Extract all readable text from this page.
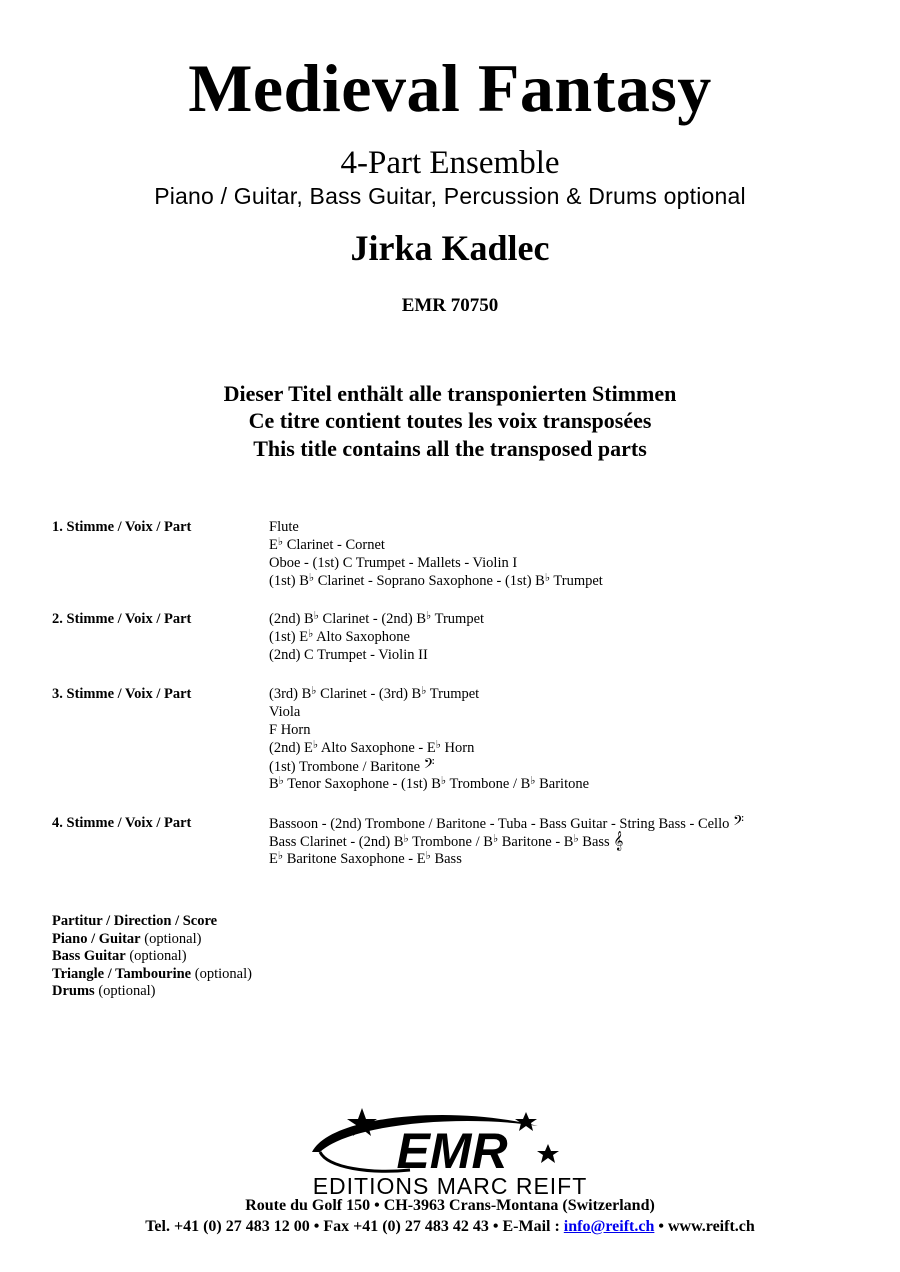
Medieval Fantasy
4-Part Ensemble
Piano / Guitar, Bass Guitar, Percussion & Drums optional
Jirka Kadlec
EMR 70750
Dieser Titel enthält alle transponierten Stimmen
Ce titre contient toutes les voix transposées
This title contains all the transposed parts
1. Stimme / Voix / Part	Flute
E♭ Clarinet - Cornet
Oboe - (1st) C Trumpet - Mallets - Violin I
(1st) B♭ Clarinet - Soprano Saxophone - (1st) B♭ Trumpet
2. Stimme / Voix / Part	(2nd) B♭ Clarinet - (2nd) B♭ Trumpet
(1st) E♭ Alto Saxophone
(2nd) C Trumpet - Violin II
3. Stimme / Voix / Part	(3rd) B♭ Clarinet - (3rd) B♭ Trumpet
Viola
F Horn
(2nd) E♭ Alto Saxophone - E♭ Horn
(1st) Trombone / Baritone 𝄢
B♭ Tenor Saxophone - (1st) B♭ Trombone / B♭ Baritone
4. Stimme / Voix / Part	Bassoon - (2nd) Trombone / Baritone - Tuba - Bass Guitar - String Bass - Cello 𝄢
Bass Clarinet - (2nd) B♭ Trombone / B♭ Baritone - B♭ Bass 𝄞
E♭ Baritone Saxophone - E♭ Bass
Partitur / Direction / Score
Piano / Guitar (optional)
Bass Guitar (optional)
Triangle / Tambourine (optional)
Drums (optional)
EMR
EDITIONS MARC REIFT
Route du Golf 150 • CH-3963 Crans-Montana (Switzerland)
Tel. +41 (0) 27 483 12 00 • Fax +41 (0) 27 483 42 43 • E-Mail : info@reift.ch • www.reift.ch
